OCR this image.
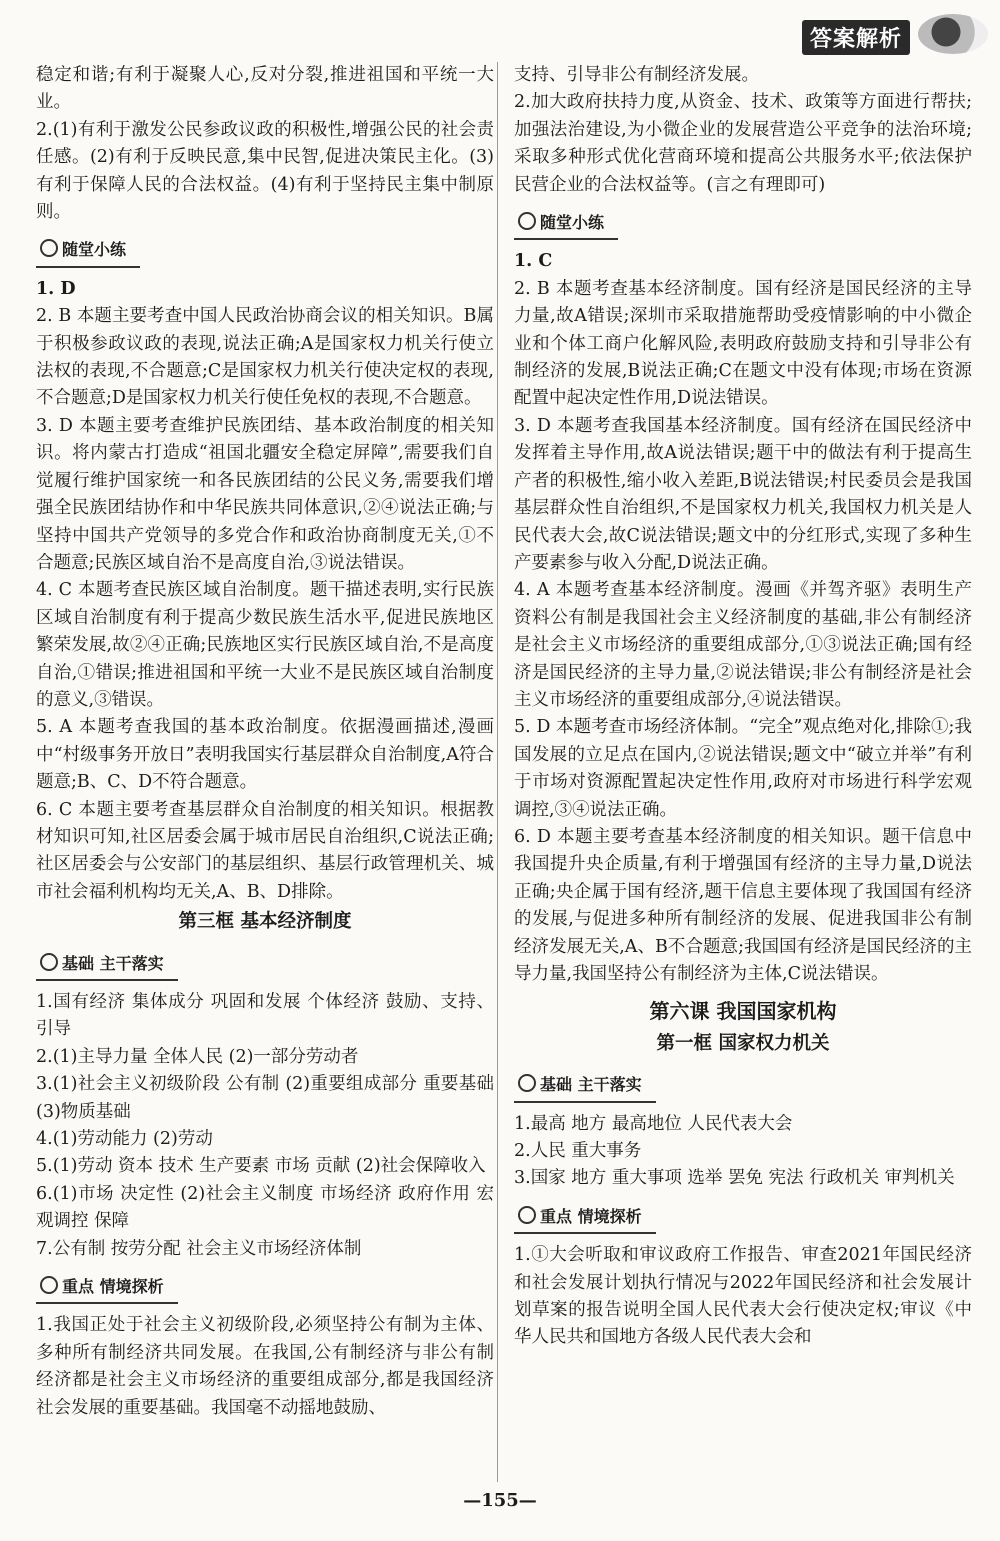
答案解析

稳定和谐;有利于凝聚人心,反对分裂,推进祖国和平统一大业。

2.(1)有利于激发公民参政议政的积极性,增强公民的社会责任感。(2)有利于反映民意,集中民智,促进决策民主化。(3)有利于保障人民的合法权益。(4)有利于坚持民主集中制原则。

随堂小练

1. D

2. B 本题主要考查中国人民政治协商会议的相关知识。B属于积极参政议政的表现,说法正确;A是国家权力机关行使立法权的表现,不合题意;C是国家权力机关行使决定权的表现,不合题意;D是国家权力机关行使任免权的表现,不合题意。

3. D 本题主要考查维护民族团结、基本政治制度的相关知识。将内蒙古打造成“祖国北疆安全稳定屏障”,需要我们自觉履行维护国家统一和各民族团结的公民义务,需要我们增强全民族团结协作和中华民族共同体意识,②④说法正确;与坚持中国共产党领导的多党合作和政治协商制度无关,①不合题意;民族区域自治不是高度自治,③说法错误。

4. C 本题考查民族区域自治制度。题干描述表明,实行民族区域自治制度有利于提高少数民族生活水平,促进民族地区繁荣发展,故②④正确;民族地区实行民族区域自治,不是高度自治,①错误;推进祖国和平统一大业不是民族区域自治制度的意义,③错误。

5. A 本题考查我国的基本政治制度。依据漫画描述,漫画中“村级事务开放日”表明我国实行基层群众自治制度,A符合题意;B、C、D不符合题意。

6. C 本题主要考查基层群众自治制度的相关知识。根据教材知识可知,社区居委会属于城市居民自治组织,C说法正确;社区居委会与公安部门的基层组织、基层行政管理机关、城市社会福利机构均无关,A、B、D排除。

第三框 基本经济制度
基础 主干落实

1.国有经济 集体成分 巩固和发展 个体经济 鼓励、支持、引导

2.(1)主导力量 全体人民 (2)一部分劳动者

3.(1)社会主义初级阶段 公有制 (2)重要组成部分 重要基础 (3)物质基础

4.(1)劳动能力 (2)劳动

5.(1)劳动 资本 技术 生产要素 市场 贡献 (2)社会保障收入

6.(1)市场 决定性 (2)社会主义制度 市场经济 政府作用 宏观调控 保障

7.公有制 按劳分配 社会主义市场经济体制

重点 情境探析

1.我国正处于社会主义初级阶段,必须坚持公有制为主体、多种所有制经济共同发展。在我国,公有制经济与非公有制经济都是社会主义市场经济的重要组成部分,都是我国经济社会发展的重要基础。我国毫不动摇地鼓励、

支持、引导非公有制经济发展。

2.加大政府扶持力度,从资金、技术、政策等方面进行帮扶;加强法治建设,为小微企业的发展营造公平竞争的法治环境;采取多种形式优化营商环境和提高公共服务水平;依法保护民营企业的合法权益等。(言之有理即可)

随堂小练

1. C

2. B 本题考查基本经济制度。国有经济是国民经济的主导力量,故A错误;深圳市采取措施帮助受疫情影响的中小微企业和个体工商户化解风险,表明政府鼓励支持和引导非公有制经济的发展,B说法正确;C在题文中没有体现;市场在资源配置中起决定性作用,D说法错误。

3. D 本题考查我国基本经济制度。国有经济在国民经济中发挥着主导作用,故A说法错误;题干中的做法有利于提高生产者的积极性,缩小收入差距,B说法错误;村民委员会是我国基层群众性自治组织,不是国家权力机关,我国权力机关是人民代表大会,故C说法错误;题文中的分红形式,实现了多种生产要素参与收入分配,D说法正确。

4. A 本题考查基本经济制度。漫画《并驾齐驱》表明生产资料公有制是我国社会主义经济制度的基础,非公有制经济是社会主义市场经济的重要组成部分,①③说法正确;国有经济是国民经济的主导力量,②说法错误;非公有制经济是社会主义市场经济的重要组成部分,④说法错误。

5. D 本题考查市场经济体制。“完全”观点绝对化,排除①;我国发展的立足点在国内,②说法错误;题文中“破立并举”有利于市场对资源配置起决定性作用,政府对市场进行科学宏观调控,③④说法正确。

6. D 本题主要考查基本经济制度的相关知识。题干信息中我国提升央企质量,有利于增强国有经济的主导力量,D说法正确;央企属于国有经济,题干信息主要体现了我国国有经济的发展,与促进多种所有制经济的发展、促进我国非公有制经济发展无关,A、B不合题意;我国国有经济是国民经济的主导力量,我国坚持公有制经济为主体,C说法错误。

第六课 我国国家机构
第一框 国家权力机关
基础 主干落实

1.最高 地方 最高地位 人民代表大会

2.人民 重大事务

3.国家 地方 重大事项 选举 罢免 宪法 行政机关 审判机关

重点 情境探析

1.①大会听取和审议政府工作报告、审查2021年国民经济和社会发展计划执行情况与2022年国民经济和社会发展计划草案的报告说明全国人民代表大会行使决定权;审议《中华人民共和国地方各级人民代表大会和

—155—
